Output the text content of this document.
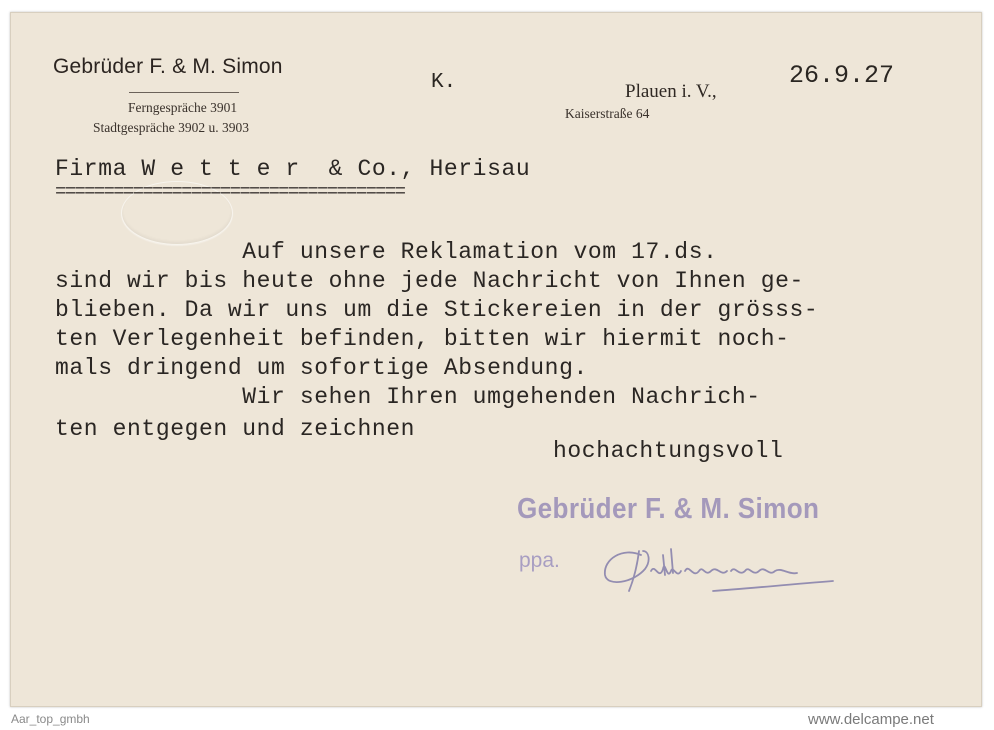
Gebrüder F. & M. Simon
Ferngespräche 3901
Stadtgespräche 3902 u. 3903
K.	Plauen i. V.,
Kaiserstraße 64
26.9.27
Firma W e t t e r  & Co., Herisau
====================================
Auf unsere Reklamation vom 17.ds.
sind wir bis heute ohne jede Nachricht von Ihnen ge-
blieben. Da wir uns um die Stickereien in der grösss-
ten Verlegenheit befinden, bitten wir hiermit noch-
mals dringend um sofortige Absendung.
Wir sehen Ihren umgehenden Nachrich-
ten entgegen und zeichnen
hochachtungsvoll
Gebrüder F. & M. Simon
ppa.
Aar_top_gmbh	www.delcampe.net
